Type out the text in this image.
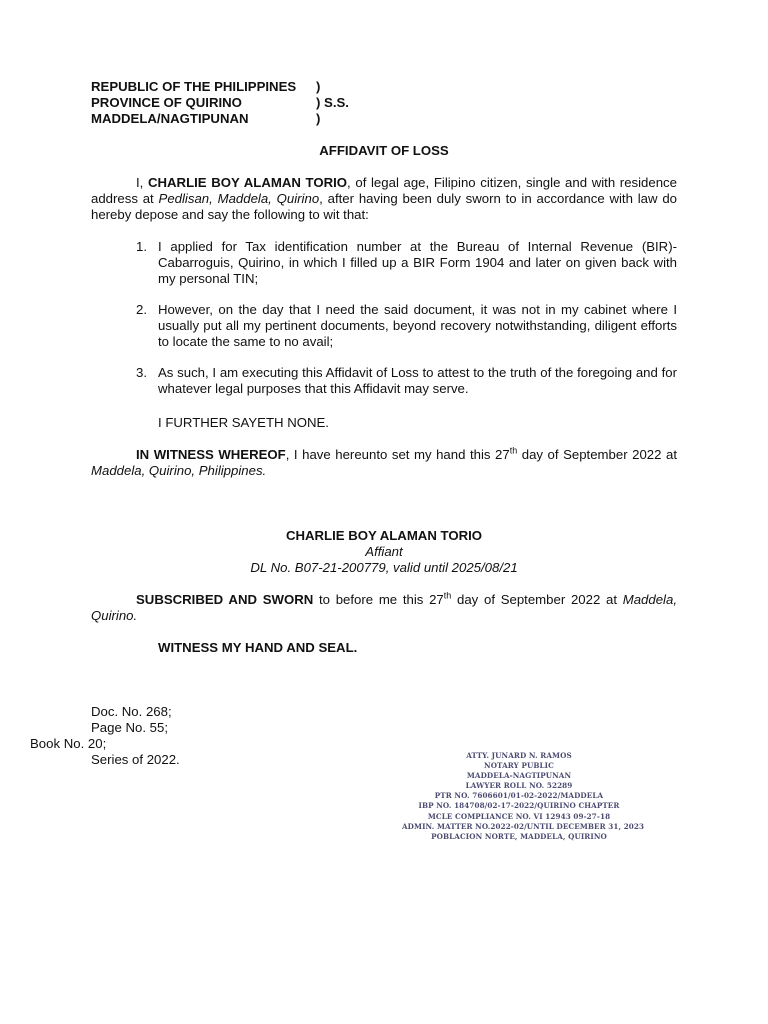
REPUBLIC OF THE PHILIPPINES )
PROVINCE OF QUIRINO	) S.S.
MADDELA/NAGTIPUNAN	)
AFFIDAVIT OF LOSS

I, CHARLIE BOY ALAMAN TORIO, of legal age, Filipino citizen, single and with residence address at Pedlisan, Maddela, Quirino, after having been duly sworn to in accordance with law do hereby depose and say the following to wit that:

1. I applied for Tax identification number at the Bureau of Internal Revenue (BIR)-Cabarroguis, Quirino, in which I filled up a BIR Form 1904 and later on given back with my personal TIN;
2. However, on the day that I need the said document, it was not in my cabinet where I usually put all my pertinent documents, beyond recovery notwithstanding, diligent efforts to locate the same to no avail;
3. As such, I am executing this Affidavit of Loss to attest to the truth of the foregoing and for whatever legal purposes that this Affidavit may serve.
I FURTHER SAYETH NONE.

IN WITNESS WHEREOF, I have hereunto set my hand this 27th day of September 2022 at Maddela, Quirino, Philippines.

CHARLIE BOY ALAMAN TORIO
Affiant
DL No. B07-21-200779, valid until 2025/08/21

SUBSCRIBED AND SWORN to before me this 27th day of September 2022 at Maddela, Quirino.

WITNESS MY HAND AND SEAL.
Doc. No. 268;
Page No. 55;
Book No. 20;
Series of 2022.	ATTY. JUNARD N. RAMOS
NOTARY PUBLIC
MADDELA-NAGTIPUNAN
LAWYER ROLL NO. 52289
PTR NO. 7606601/01-02-2022/MADDELA
IBP NO. 184708/02-17-2022/QUIRINO CHAPTER
MCLE COMPLIANCE NO. VI 12943 09-27-18
ADMIN. MATTER NO.2022-02/UNTIL DECEMBER 31, 2023
POBLACION NORTE, MADDELA, QUIRINO
